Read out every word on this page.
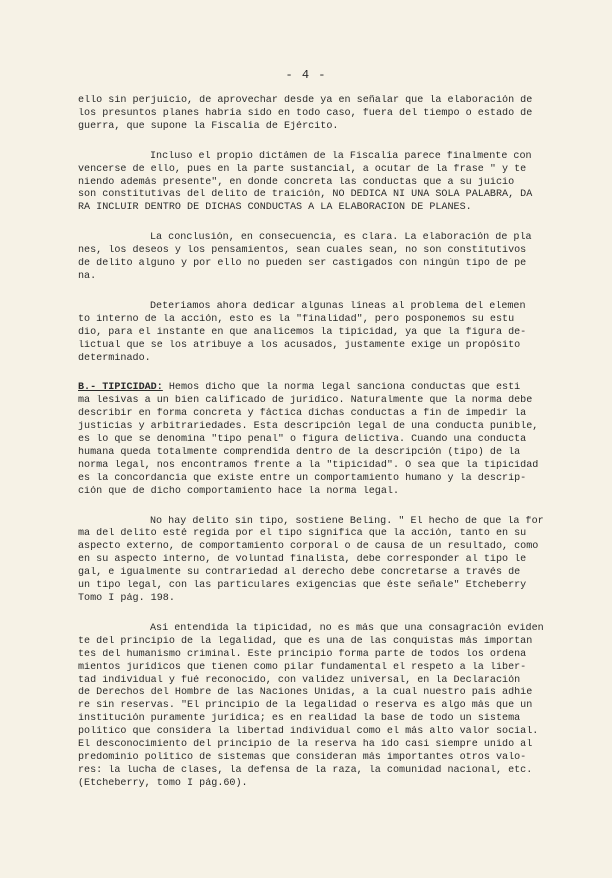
- 4 -

ello sin perjuicio, de aprovechar desde ya en señalar que la elaboración de
los presuntos planes habría sido en todo caso, fuera del tiempo o estado de
guerra, que supone la Fiscalía de Ejército.

Incluso el propio dictámen de la Fiscalía parece finalmente con
vencerse de ello, pues en la parte sustancial, a ocutar de la frase " y te
niendo además presente", en donde concreta las conductas que a su juicio
son constitutivas del delito de traición, NO DEDICA NI UNA SOLA PALABRA, DA
RA INCLUIR DENTRO DE DICHAS CONDUCTAS A LA ELABORACION DE PLANES.

La conclusión, en consecuencia, es clara. La elaboración de pla
nes, los deseos y los pensamientos, sean cuales sean, no son constitutivos
de delito alguno y por ello no pueden ser castigados con ningún tipo de pe
na.

Deteríamos ahora dedicar algunas líneas al problema del elemen
to interno de la acción, esto es la "finalidad", pero posponemos su estu
dio, para el instante en que analicemos la tipicidad, ya que la figura de-
lictual que se los atribuye a los acusados, justamente exige un propósito
determinado.

B.- TIPICIDAD: Hemos dicho que la norma legal sanciona conductas que esti
ma lesivas a un bien calificado de jurídico. Naturalmente que la norma debe
describir en forma concreta y fáctica dichas conductas a fin de impedir la
justicias y arbitrariedades. Esta descripción legal de una conducta punible,
es lo que se denomina "tipo penal" o figura delictiva. Cuando una conducta
humana queda totalmente comprendida dentro de la descripción (tipo) de la
norma legal, nos encontramos frente a la "tipicidad". O sea que la tipicidad
es la concordancia que existe entre un comportamiento humano y la descrip-
ción que de dicho comportamiento hace la norma legal.

No hay delito sin tipo, sostiene Beling. " El hecho de que la for
ma del delito esté regida por el tipo significa que la acción, tanto en su
aspecto externo, de comportamiento corporal o de causa de un resultado, como
en su aspecto interno, de voluntad finalista, debe corresponder al tipo le
gal, e igualmente su contrariedad al derecho debe concretarse a través de
un tipo legal, con las particulares exigencias que éste señale" Etcheberry
Tomo I pág. 198.

Así entendida la tipicidad, no es más que una consagración eviden
te del principio de la legalidad, que es una de las conquistas más importan
tes del humanismo criminal. Este principio forma parte de todos los ordena
mientos jurídicos que tienen como pilar fundamental el respeto a la liber-
tad individual y fué reconocido, con validez universal, en la Declaración
de Derechos del Hombre de las Naciones Unidas, a la cual nuestro país adhie
re sin reservas. "El principio de la legalidad o reserva es algo más que un
institución puramente jurídica; es en realidad la base de todo un sistema
político que considera la libertad individual como el más alto valor social.
El desconocimiento del principio de la reserva ha ido casi siempre unido al
predominio político de sistemas que consideran más importantes otros valo-
res: la lucha de clases, la defensa de la raza, la comunidad nacional, etc.
(Etcheberry, tomo I pág.60).
